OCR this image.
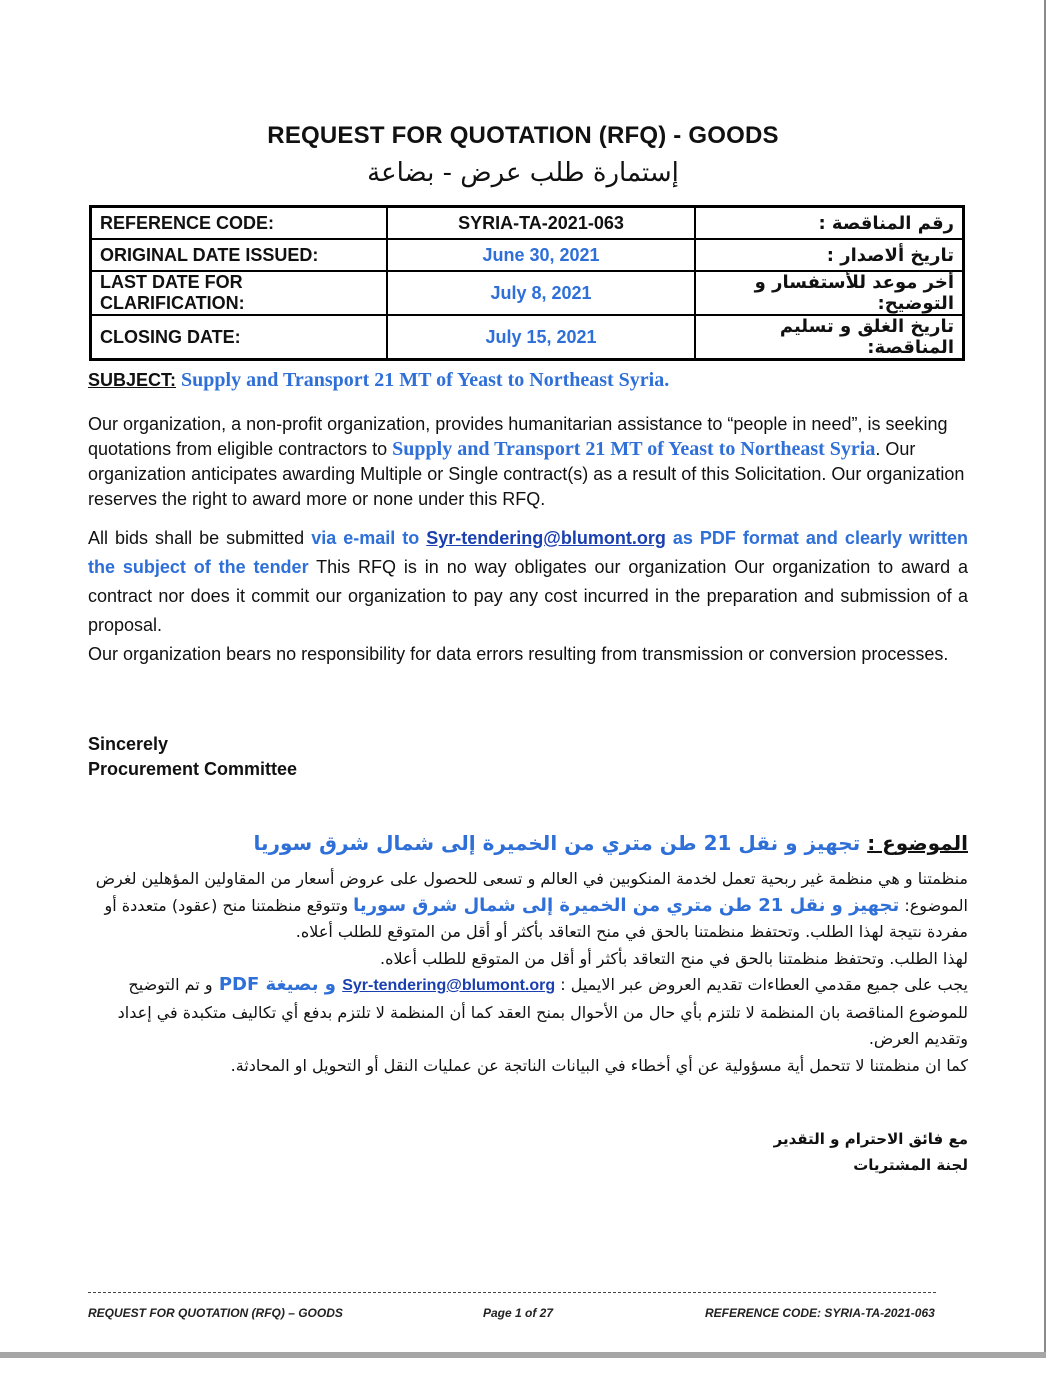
REQUEST FOR QUOTATION (RFQ) - GOODS
إستمارة طلب عرض - بضاعة
REFERENCE CODE:	SYRIA-TA-2021-063	رقم المناقصة :
ORIGINAL DATE ISSUED:	June 30, 2021	تاريخ ألاصدار :
LAST DATE FOR CLARIFICATION:	July 8, 2021	أخر موعد للأستفسار و التوضيح:
CLOSING DATE:	July 15, 2021	تاريخ الغلق و تسليم المناقصة:

SUBJECT: Supply and Transport 21 MT of Yeast to Northeast Syria.

Our organization, a non-profit organization, provides humanitarian assistance to “people in need”, is seeking quotations from eligible contractors to Supply and Transport 21 MT of Yeast to Northeast Syria. Our organization anticipates awarding Multiple or Single contract(s) as a result of this Solicitation. Our organization reserves the right to award more or none under this RFQ.

All bids shall be submitted via e-mail to Syr-tendering@blumont.org as PDF format and clearly written the subject of the tender This RFQ is in no way obligates our organization Our organization to award a contract nor does it commit our organization to pay any cost incurred in the preparation and submission of a proposal.
Our organization bears no responsibility for data errors resulting from transmission or conversion processes.

Sincerely
Procurement Committee

الموضوع : تجهيز و نقل 21 طن متري من الخميرة إلى شمال شرق سوريا

منظمتنا و هي منظمة غير ربحية تعمل لخدمة المنكوبين في العالم و تسعى للحصول على عروض أسعار من المقاولين المؤهلين لغرض الموضوع: تجهيز و نقل 21 طن متري من الخميرة إلى شمال شرق سوريا وتتوقع منظمتنا منح (عقود) متعددة أو مفردة نتيجة لهذا الطلب. وتحتفظ منظمتنا بالحق في منح التعاقد بأكثر أو أقل من المتوقع للطلب أعلاه.
لهذا الطلب. وتحتفظ منظمتنا بالحق في منح التعاقد بأكثر أو أقل من المتوقع للطلب أعلاه.
يجب على جميع مقدمي العطاءات تقديم العروض عبر الايميل : Syr-tendering@blumont.org و بصيغة PDF و تم التوضيح للموضوع المناقصة بان المنظمة لا تلتزم بأي حال من الأحوال بمنح العقد كما أن المنظمة لا تلتزم بدفع أي تكاليف متكبدة في إعداد وتقديم العرض.
كما ان منظمتنا لا تتحمل أية مسؤولية عن أي أخطاء في البيانات الناتجة عن عمليات النقل أو التحويل او المحادثة.

مع فائق الاحترام و التقدير
لجنة المشتريات

REQUEST FOR QUOTATION (RFQ) – GOODS	Page 1 of 27	REFERENCE CODE: SYRIA-TA-2021-063
